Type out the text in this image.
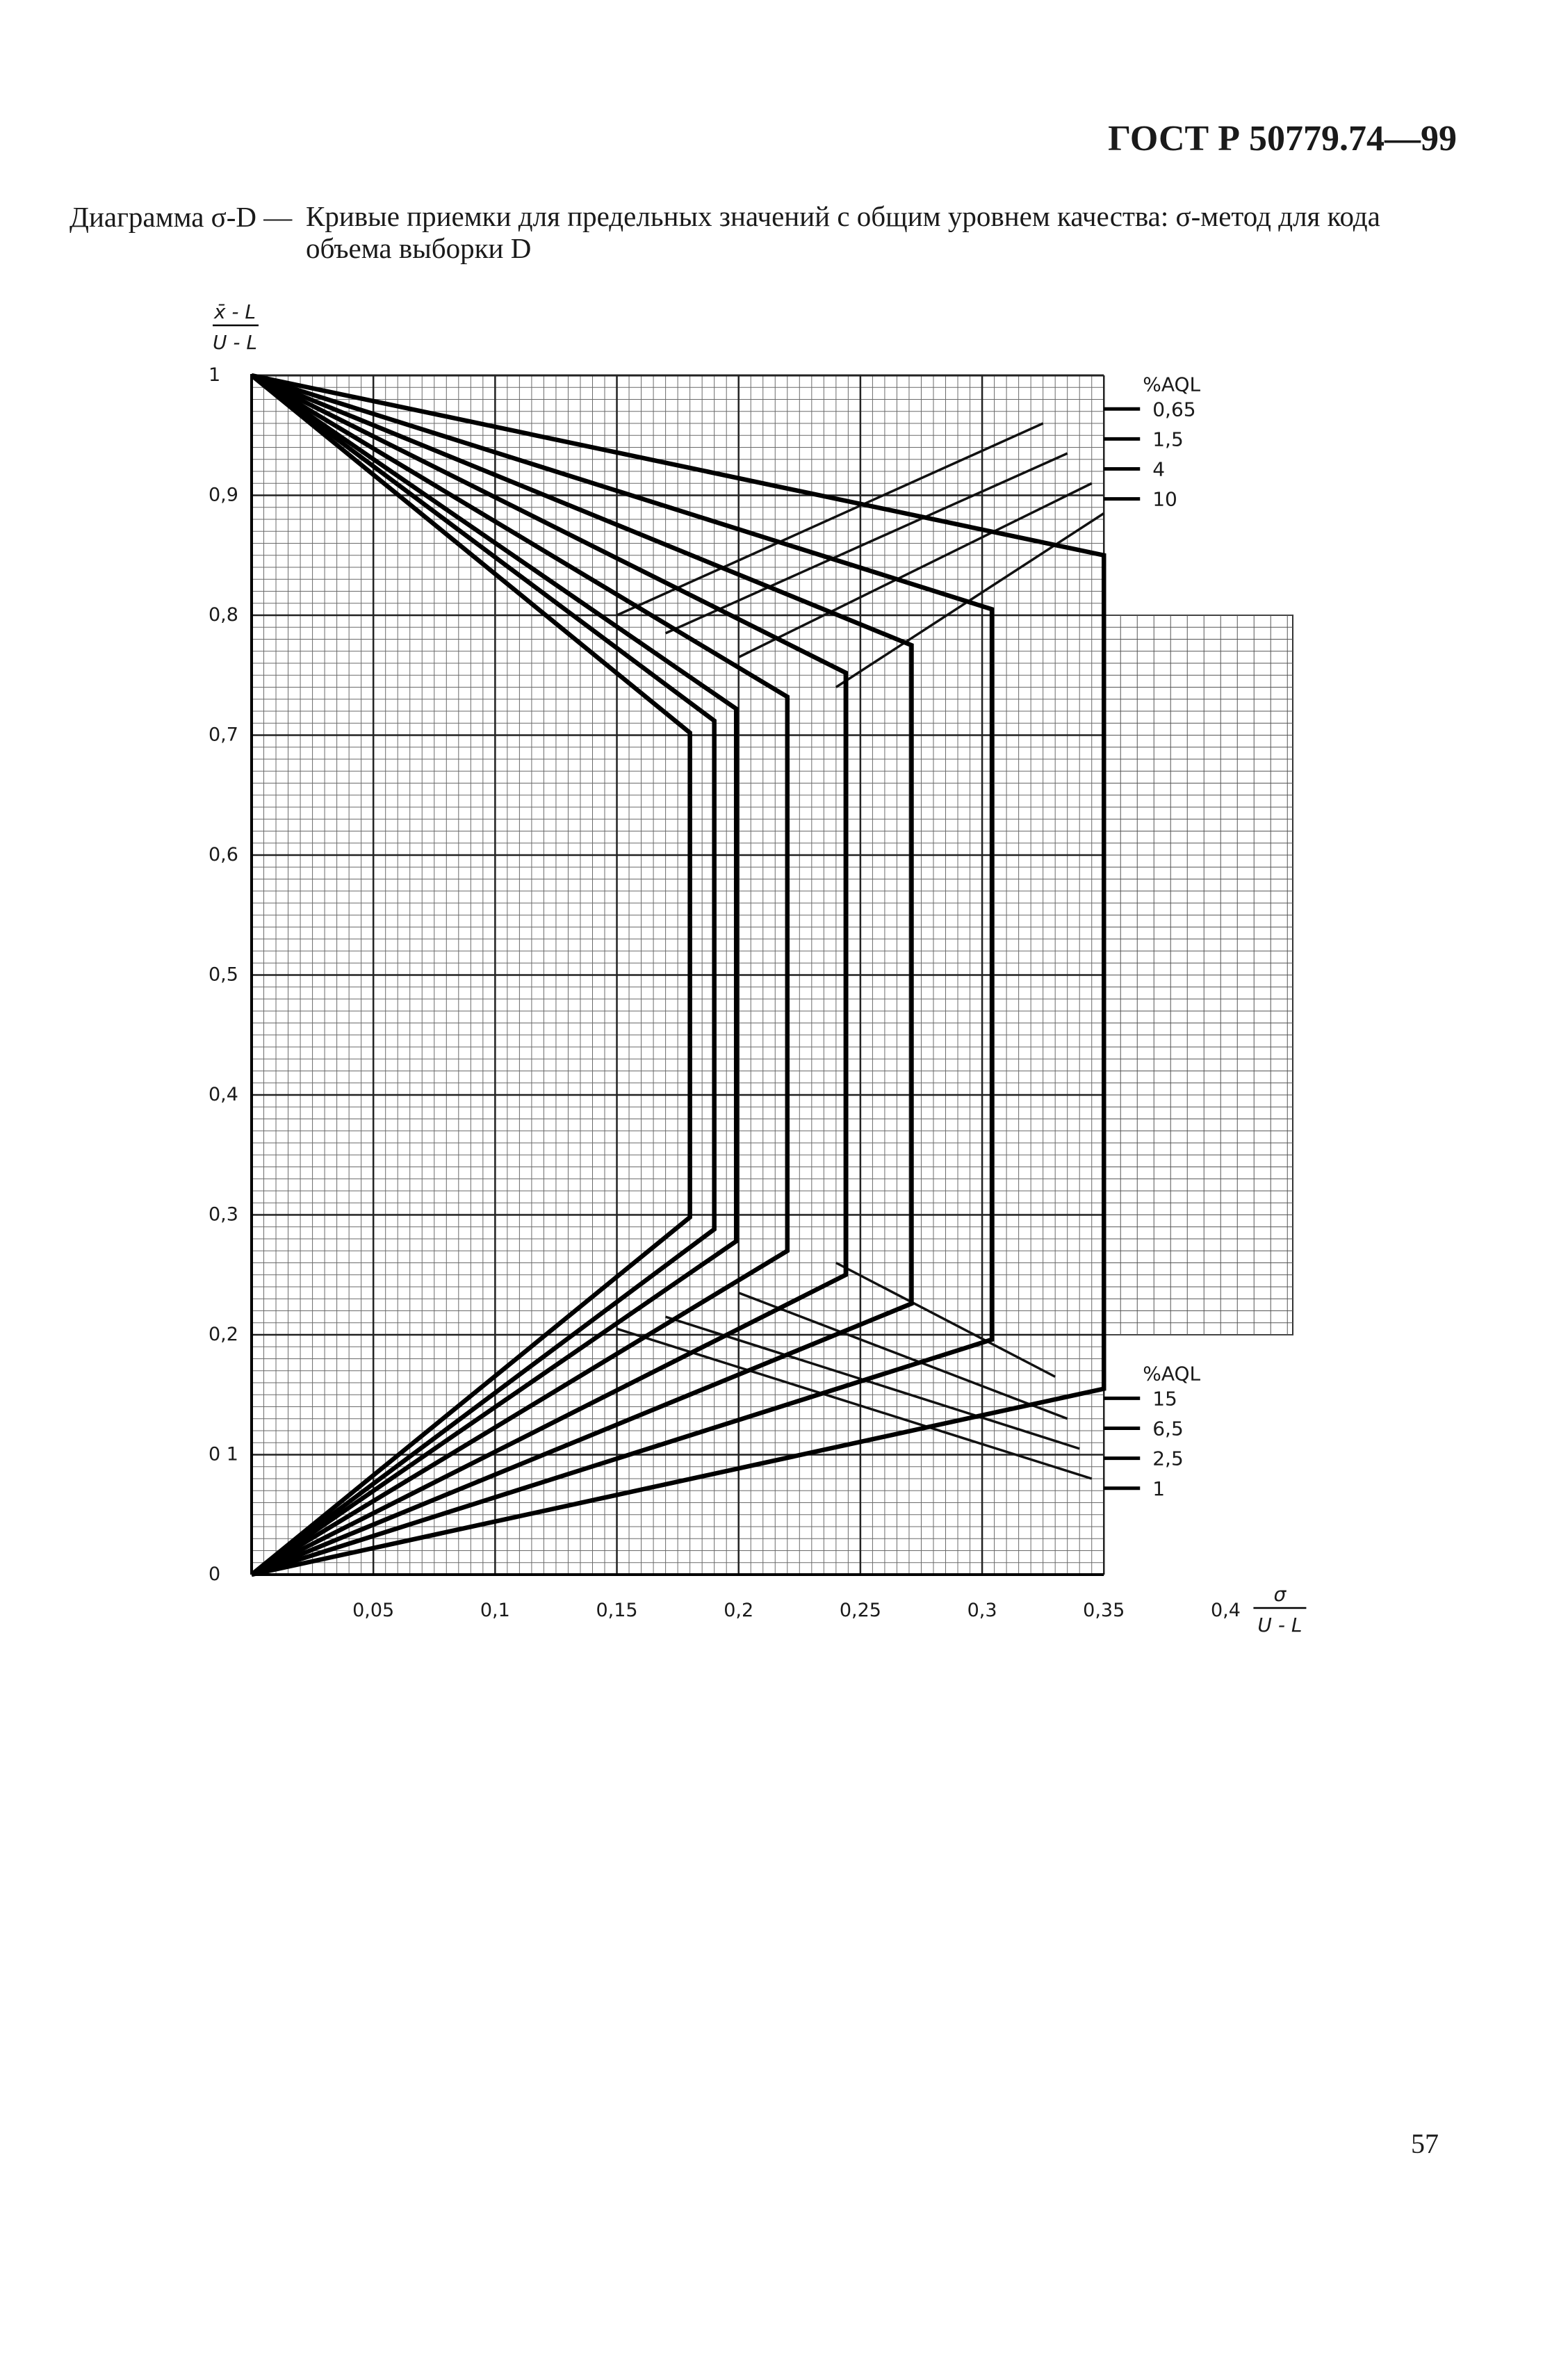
ГОСТ Р 50779.74—99
Диаграмма σ-D — Кривые приемки для предельных значений с общим уровнем качества: σ-метод для кода объема выборки D
%AQL
0,65
1,5
4
10
%AQL
15
6,5
2,5
1
0
0 1
0,2
0,3
0,4
0,5
0,6
0,7
0,8
0,9
1
0,05	0,1	0,15	0,2	0,25	0,3	0,35	0,4
x̄ - L
U - L
σ
U - L
57
